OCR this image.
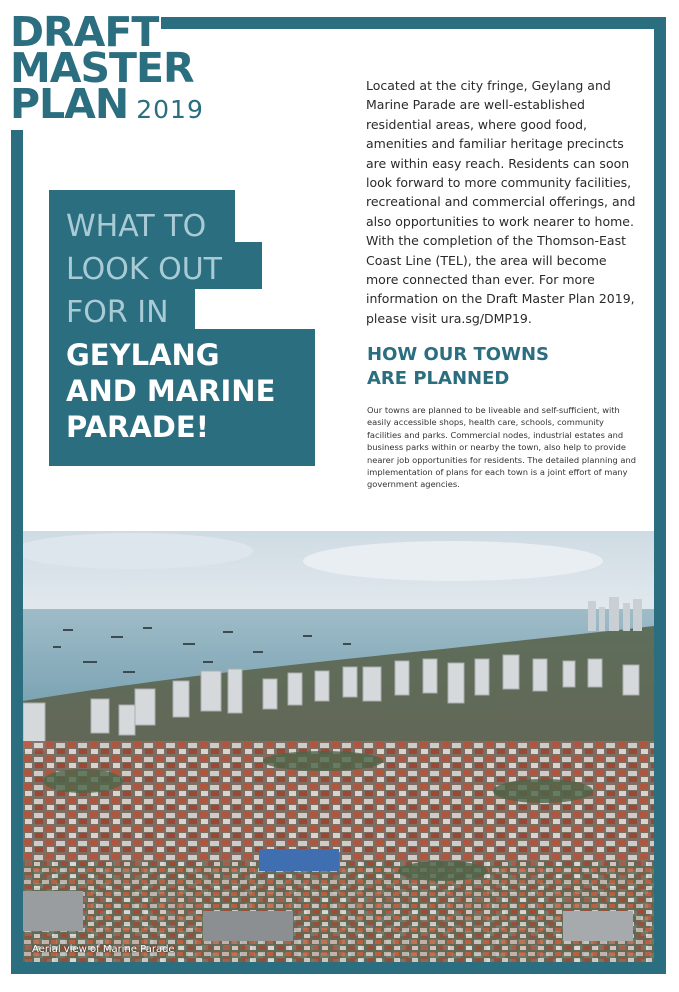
DRAFT
MASTER
PLAN 2019
WHAT TO
LOOK OUT
FOR IN
GEYLANG
AND MARINE
PARADE!
Located at the city fringe, Geylang and Marine Parade are well-established residential areas, where good food, amenities and familiar heritage precincts are within easy reach. Residents can soon look forward to more community facilities, recreational and commercial offerings, and also opportunities to work nearer to home. With the completion of the Thomson-East Coast Line (TEL), the area will become more connected than ever. For more information on the Draft Master Plan 2019, please visit ura.sg/DMP19.
HOW OUR TOWNS
ARE PLANNED
Our towns are planned to be liveable and self-sufficient, with easily accessible shops, health care, schools, community facilities and parks. Commercial nodes, industrial estates and business parks within or nearby the town, also help to provide nearer job opportunities for residents. The detailed planning and implementation of plans for each town is a joint effort of many government agencies.
Aerial view of Marine Parade
